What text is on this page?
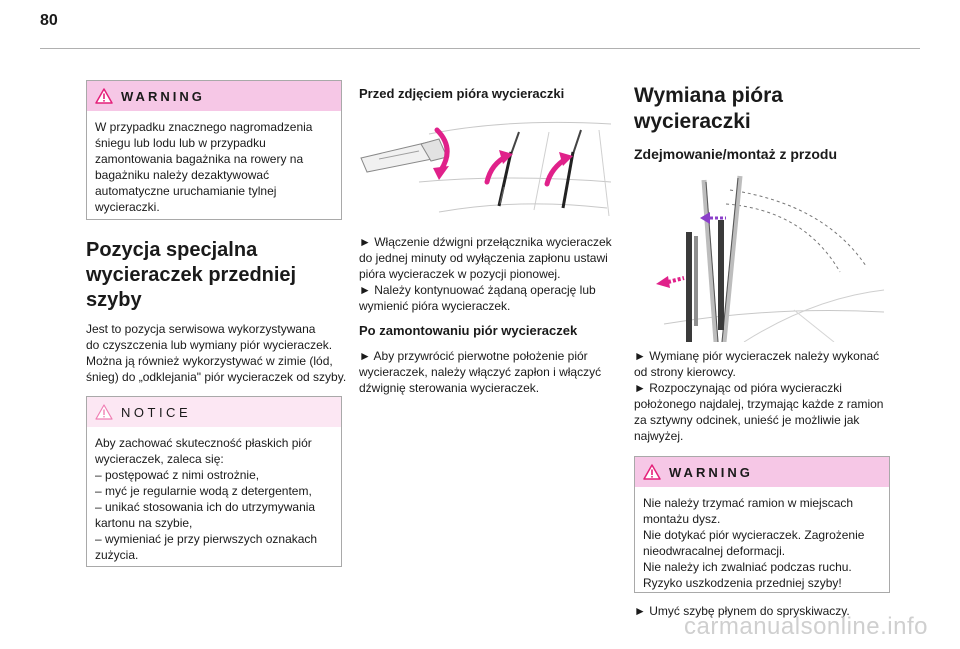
80
WARNING
W przypadku znacznego nagromadzenia
śniegu lub lodu lub w przypadku
zamontowania bagażnika na rowery na
bagażniku należy dezaktywować
automatyczne uruchamianie tylnej
wycieraczki.
Pozycja specjalna
wycieraczek przedniej szyby
Jest to pozycja serwisowa wykorzystywana
do czyszczenia lub wymiany piór wycieraczek.
Można ją również wykorzystywać w zimie (lód,
śnieg) do „odklejania" piór wycieraczek od szyby.
NOTICE
Aby zachować skuteczność płaskich piór
wycieraczek, zaleca się:
– postępować z nimi ostrożnie,
– myć je regularnie wodą z detergentem,
– unikać stosowania ich do utrzymywania
kartonu na szybie,
– wymieniać je przy pierwszych oznakach
zużycia.
Przed zdjęciem pióra wycieraczki
► Włączenie dźwigni przełącznika wycieraczek
do jednej minuty od wyłączenia zapłonu ustawi
pióra wycieraczek w pozycji pionowej.
► Należy kontynuować żądaną operację lub
wymienić pióra wycieraczek.
Po zamontowaniu piór wycieraczek
► Aby przywrócić pierwotne położenie piór
wycieraczek, należy włączyć zapłon i włączyć
dźwignię sterowania wycieraczek.
Wymiana pióra wycieraczki
Zdejmowanie/montaż z przodu
► Wymianę piór wycieraczek należy wykonać
od strony kierowcy.
► Rozpoczynając od pióra wycieraczki
położonego najdalej, trzymając każde z ramion
za sztywny odcinek, unieść je możliwie jak
najwyżej.
WARNING
Nie należy trzymać ramion w miejscach
montażu dysz.
Nie dotykać piór wycieraczek. Zagrożenie
nieodwracalnej deformacji.
Nie należy ich zwalniać podczas ruchu.
Ryzyko uszkodzenia przedniej szyby!
► Umyć szybę płynem do spryskiwaczy.
carmanualsonline.info
